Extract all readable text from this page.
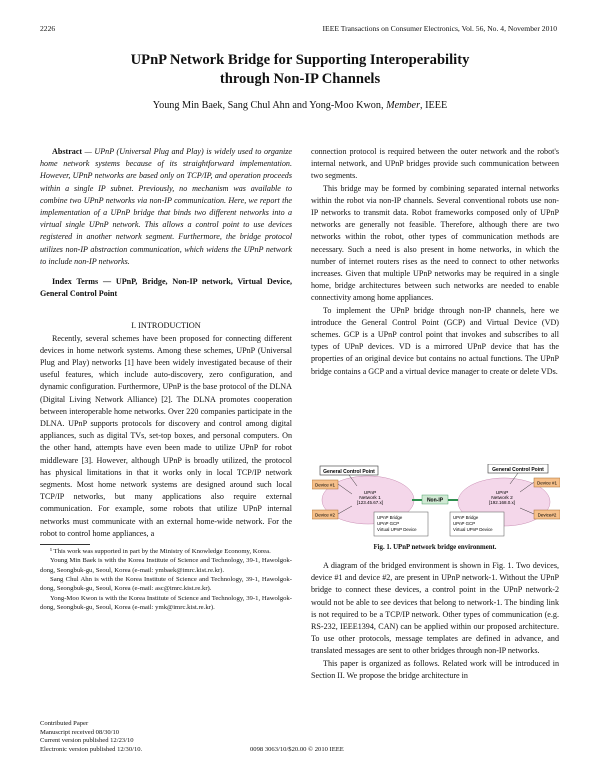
2226	IEEE Transactions on Consumer Electronics, Vol. 56, No. 4, November 2010
UPnP Network Bridge for Supporting Interoperability
through Non-IP Channels
Young Min Baek, Sang Chul Ahn and Yong-Moo Kwon, Member, IEEE

Abstract — UPnP (Universal Plug and Play) is widely used to organize home network systems because of its straightforward implementation. However, UPnP networks are based only on TCP/IP, and operation proceeds within a single IP subnet. Previously, no mechanism was available to combine two UPnP networks via non-IP communication. Here, we report the implementation of a UPnP bridge that binds two different networks into a virtual single UPnP network. This allows a control point to use devices registered in another network segment. Furthermore, the bridge protocol utilizes non-IP abstraction communication, which widens the UPnP network to include non-IP networks.

Index Terms — UPnP, Bridge, Non-IP network, Virtual Device, General Control Point

I. INTRODUCTION

Recently, several schemes have been proposed for connecting different devices in home network systems. Among these schemes, UPnP (Universal Plug and Play) networks [1] have been widely investigated because of their useful features, which include auto-discovery, zero configuration, and dynamic configuration. Furthermore, UPnP is the base protocol of the DLNA (Digital Living Network Alliance) [2]. The DLNA promotes cooperation between interoperable home networks. Over 220 companies participate in the DLNA. UPnP supports protocols for discovery and control among digital appliances, such as digital TVs, set-top boxes, and personal computers. On the other hand, attempts have even been made to utilize UPnP for robot middleware [3]. However, although UPnP is broadly utilized, the protocol has physical limitations in that it works only in local TCP/IP network segments. Most home network systems are designed around such local TCP/IP networks, but many applications also require external communication. For example, some robots that utilize UPnP internal networks must communicate with an external home-wide network. For the robot to control home appliances, a

¹ This work was supported in part by the Ministry of Knowledge Economy, Korea.

Young Min Baek is with the Korea Institute of Science and Technology, 39-1, Hawolgok-dong, Seongbuk-gu, Seoul, Korea (e-mail: ymbaek@imrc.kist.re.kr).

Sang Chul Ahn is with the Korea Institute of Science and Technology, 39-1, Hawolgok-dong, Seongbuk-gu, Seoul, Korea (e-mail: asc@imrc.kist.re.kr).

Yong-Moo Kwon is with the Korea Institute of Science and Technology, 39-1, Hawolgok-dong, Seongbuk-gu, Seoul, Korea (e-mail: ymk@imrc.kist.re.kr).

Contributed Paper
Manuscript received 08/30/10
Current version published 12/23/10
Electronic version published 12/30/10.	0098 3063/10/$20.00 © 2010 IEEE

connection protocol is required between the outer network and the robot's internal network, and UPnP bridges provide such communication between two segments.

This bridge may be formed by combining separated internal networks within the robot via non-IP channels. Several conventional robots use non-IP networks to transmit data. Robot frameworks composed only of UPnP networks are generally not feasible. Therefore, although there are two networks within the robot, other types of communication methods are necessary. Such a need is also present in home networks, in which the number of internet routers rises as the need to connect to other networks increases. Given that multiple UPnP networks may be required in a single home, bridge architectures between such networks are needed to enable connectivity among home appliances.

To implement the UPnP bridge through non-IP channels, here we introduce the General Control Point (GCP) and Virtual Device (VD) schemes. GCP is a UPnP control point that invokes and subscribes to all types of UPnP devices. VD is a mirrored UPnP device that has the properties of an original device but contains no actual functions. The UPnP bridge contains a GCP and a virtual device manager to create or delete VDs.

General Control Point	General Control Point
UPnP
Network 1
[123.45.67.x]
UPnP
Network 2
[192.168.0.x]
Device #1
Device #2
Device #1
Device#2
UPnP Bridge
UPnP GCP
Virtual UPnP Device
UPnP Bridge
UPnP GCP
Virtual UPnP Device
Non-IP
Fig. 1. UPnP network bridge environment.

A diagram of the bridged environment is shown in Fig. 1. Two devices, device #1 and device #2, are present in UPnP network-1. Without the UPnP bridge to connect these devices, a control point in the UPnP network-2 would not be able to see devices that belong to network-1. The binding link is not required to be a TCP/IP network. Other types of communication (e.g. RS-232, IEEE1394, CAN) can be applied within our proposed architecture. To use other protocols, message templates are defined in advance, and translated messages are sent to other bridges through non-IP networks.

This paper is organized as follows. Related work will be introduced in Section II. We propose the bridge architecture in
